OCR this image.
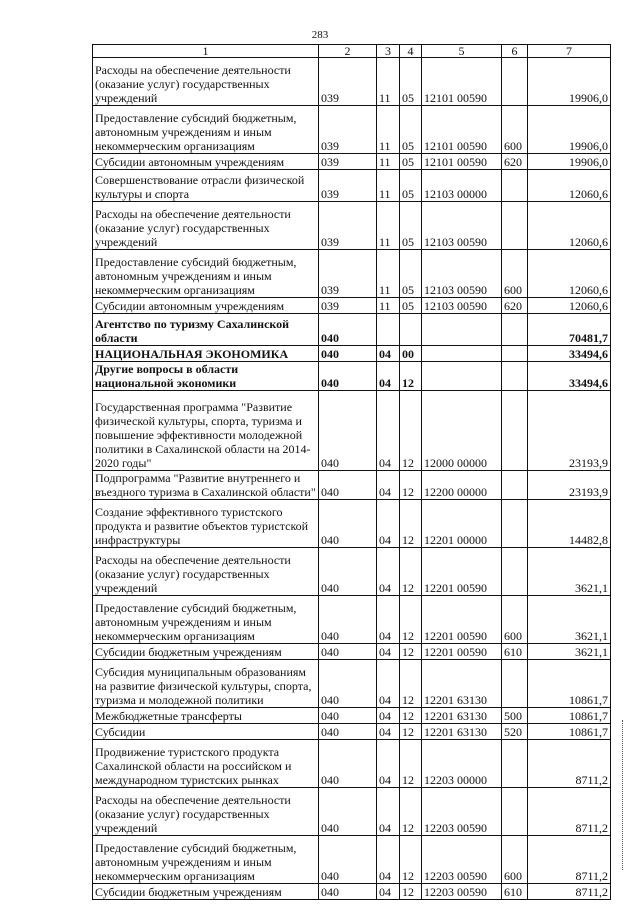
283
1	2	3	4	5	6	7
Расходы на обеспечение деятельности (оказание услуг) государственных учреждений	039	11	05	12101 00590		19906,0
Предоставление субсидий бюджетным, автономным учреждениям и иным некоммерческим организациям	039	11	05	12101 00590	600	19906,0
Субсидии автономным учреждениям	039	11	05	12101 00590	620	19906,0
Совершенствование отрасли физической культуры и спорта	039	11	05	12103 00000		12060,6
Расходы на обеспечение деятельности (оказание услуг) государственных учреждений	039	11	05	12103 00590		12060,6
Предоставление субсидий бюджетным, автономным учреждениям и иным некоммерческим организациям	039	11	05	12103 00590	600	12060,6
Субсидии автономным учреждениям	039	11	05	12103 00590	620	12060,6
Агентство по туризму Сахалинской области	040					70481,7
НАЦИОНАЛЬНАЯ ЭКОНОМИКА	040	04	00			33494,6
Другие вопросы в области национальной экономики	040	04	12			33494,6
Государственная программа "Развитие физической культуры, спорта, туризма и повышение эффективности молодежной политики в Сахалинской области на 2014-2020 годы"	040	04	12	12000 00000		23193,9
Подпрограмма "Развитие внутреннего и въездного туризма в Сахалинской области"	040	04	12	12200 00000		23193,9
Создание эффективного туристского продукта и развитие объектов туристской инфраструктуры	040	04	12	12201 00000		14482,8
Расходы на обеспечение деятельности (оказание услуг) государственных учреждений	040	04	12	12201 00590		3621,1
Предоставление субсидий бюджетным, автономным учреждениям и иным некоммерческим организациям	040	04	12	12201 00590	600	3621,1
Субсидии бюджетным учреждениям	040	04	12	12201 00590	610	3621,1
Субсидия муниципальным образованиям на развитие физической культуры, спорта, туризма и молодежной политики	040	04	12	12201 63130		10861,7
Межбюджетные трансферты	040	04	12	12201 63130	500	10861,7
Субсидии	040	04	12	12201 63130	520	10861,7
Продвижение туристского продукта Сахалинской области на российском и международном туристских рынках	040	04	12	12203 00000		8711,2
Расходы на обеспечение деятельности (оказание услуг) государственных учреждений	040	04	12	12203 00590		8711,2
Предоставление субсидий бюджетным, автономным учреждениям и иным некоммерческим организациям	040	04	12	12203 00590	600	8711,2
Субсидии бюджетным учреждениям	040	04	12	12203 00590	610	8711,2
